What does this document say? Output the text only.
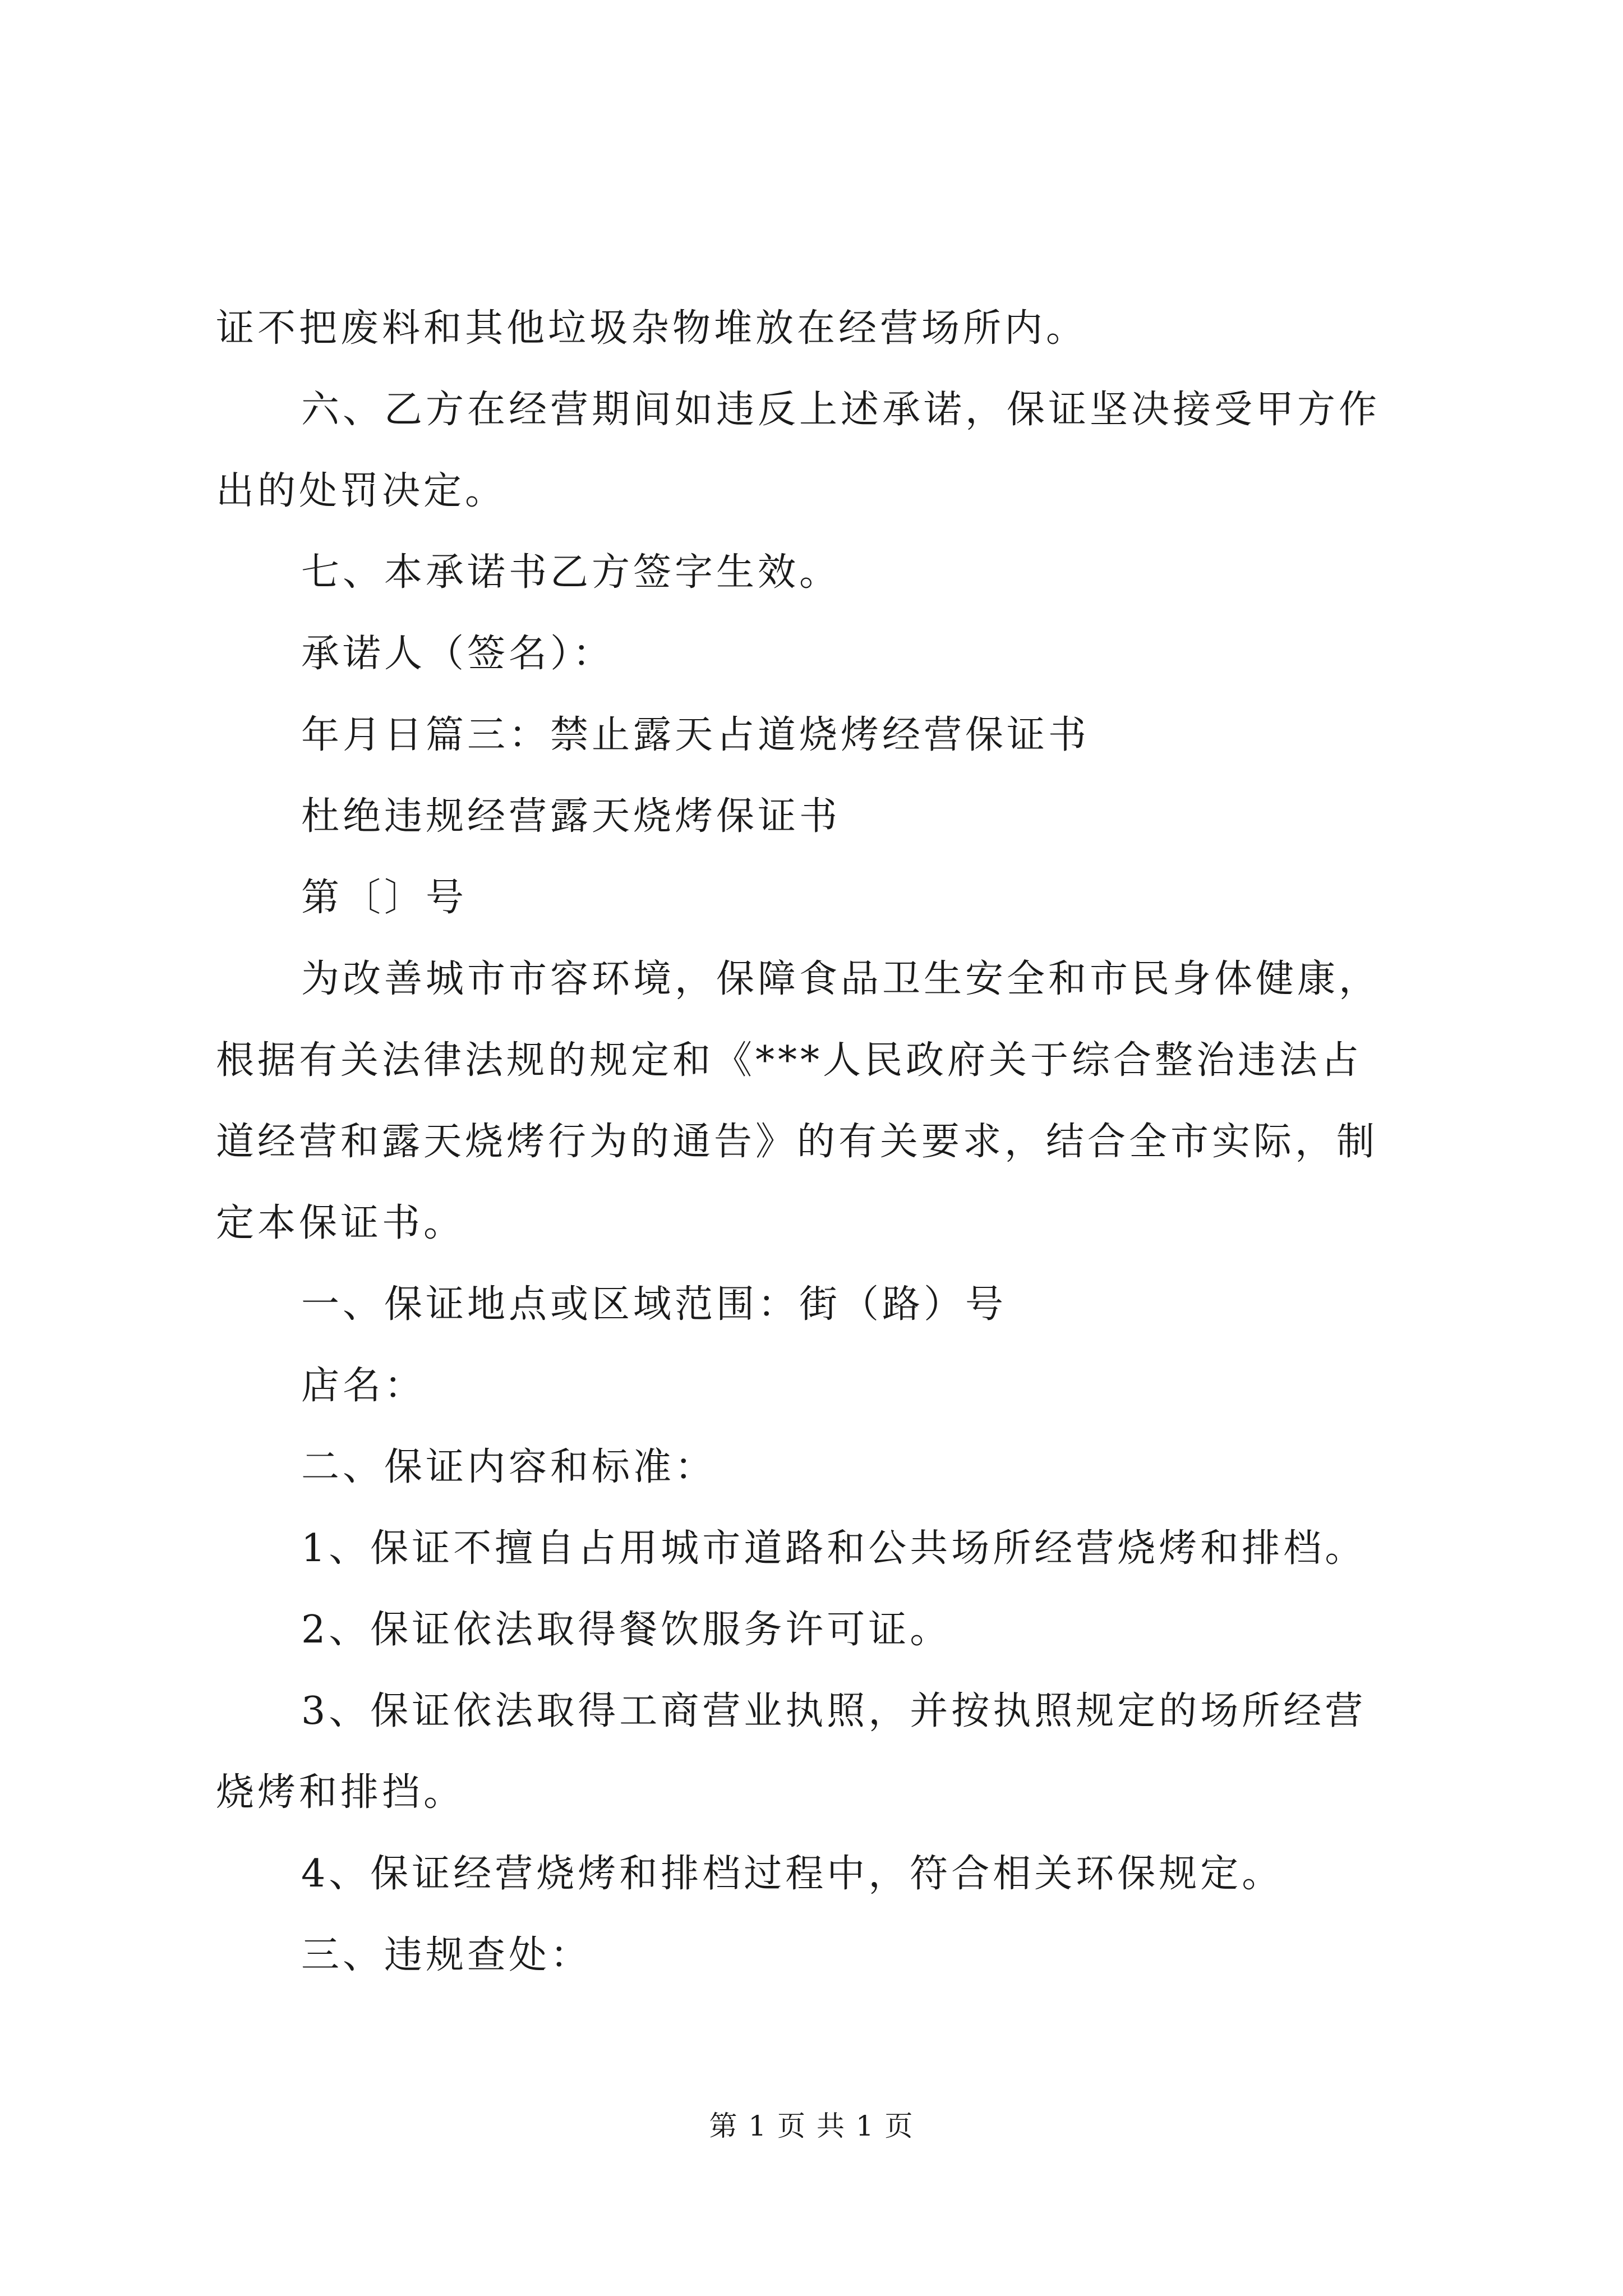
证不把废料和其他垃圾杂物堆放在经营场所内。

六、乙方在经营期间如违反上述承诺，保证坚决接受甲方作

出的处罚决定。

七、本承诺书乙方签字生效。

承诺人（签名）：

年月日篇三：禁止露天占道烧烤经营保证书

杜绝违规经营露天烧烤保证书

第〔〕号

为改善城市市容环境，保障食品卫生安全和市民身体健康，

根据有关法律法规的规定和《***人民政府关于综合整治违法占

道经营和露天烧烤行为的通告》的有关要求，结合全市实际，制

定本保证书。

一、保证地点或区域范围：街（路）号

店名：

二、保证内容和标准：

1、保证不擅自占用城市道路和公共场所经营烧烤和排档。

2、保证依法取得餐饮服务许可证。

3、保证依法取得工商营业执照，并按执照规定的场所经营

烧烤和排挡。

4、保证经营烧烤和排档过程中，符合相关环保规定。

三、违规查处：

第 1 页 共 1 页
